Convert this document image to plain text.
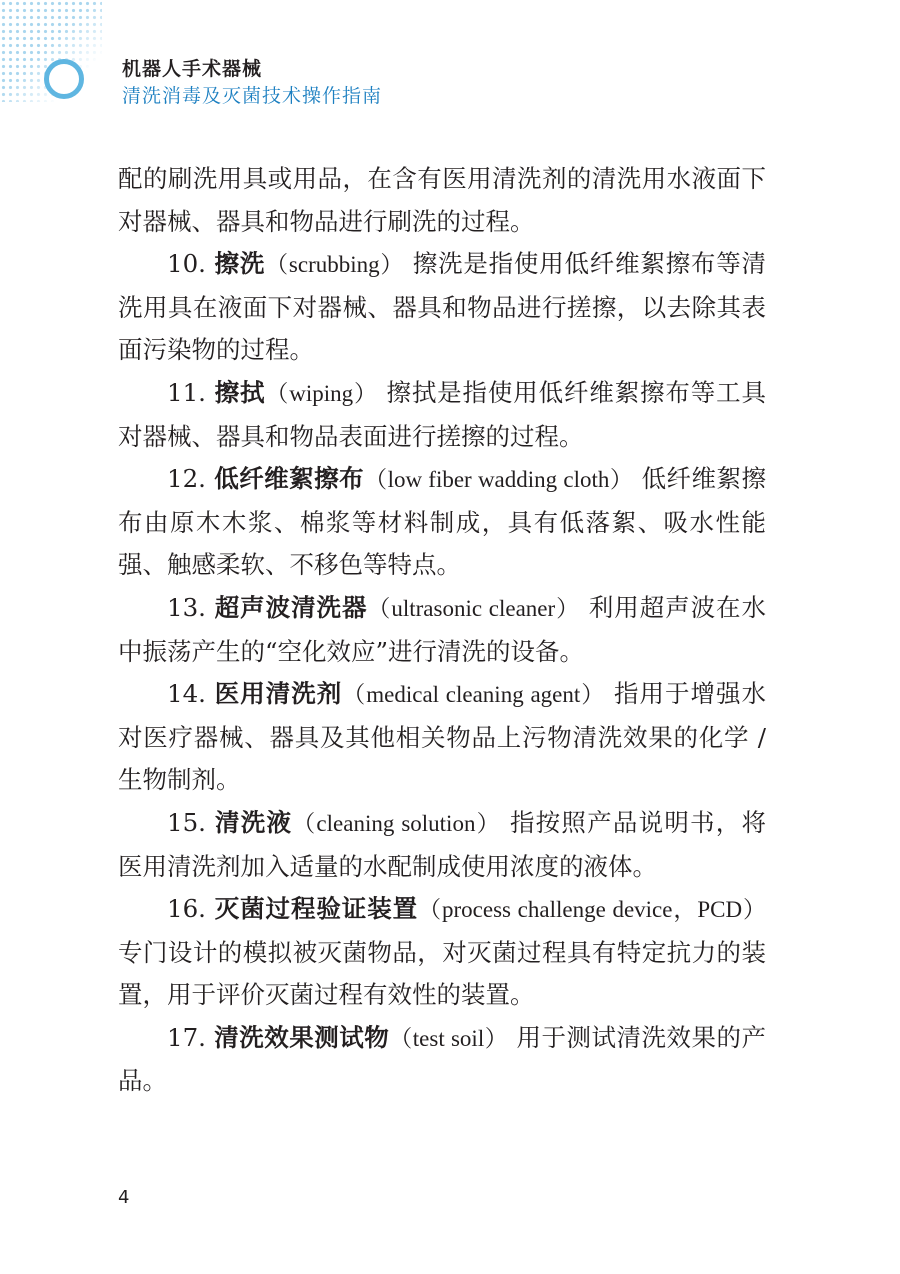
机器人手术器械
清洗消毒及灭菌技术操作指南

配的刷洗用具或用品，在含有医用清洗剂的清洗用水液面下对器械、器具和物品进行刷洗的过程。

10. 擦洗（scrubbing） 擦洗是指使用低纤维絮擦布等清洗用具在液面下对器械、器具和物品进行搓擦，以去除其表面污染物的过程。

11. 擦拭（wiping） 擦拭是指使用低纤维絮擦布等工具对器械、器具和物品表面进行搓擦的过程。

12. 低纤维絮擦布（low fiber wadding cloth） 低纤维絮擦布由原木木浆、棉浆等材料制成，具有低落絮、吸水性能强、触感柔软、不移色等特点。

13. 超声波清洗器（ultrasonic cleaner） 利用超声波在水中振荡产生的“空化效应”进行清洗的设备。

14. 医用清洗剂（medical cleaning agent） 指用于增强水对医疗器械、器具及其他相关物品上污物清洗效果的化学 / 生物制剂。

15. 清洗液（cleaning solution） 指按照产品说明书，将医用清洗剂加入适量的水配制成使用浓度的液体。

16. 灭菌过程验证装置（process challenge device，PCD） 专门设计的模拟被灭菌物品，对灭菌过程具有特定抗力的装置，用于评价灭菌过程有效性的装置。

17. 清洗效果测试物（test soil） 用于测试清洗效果的产品。

4
